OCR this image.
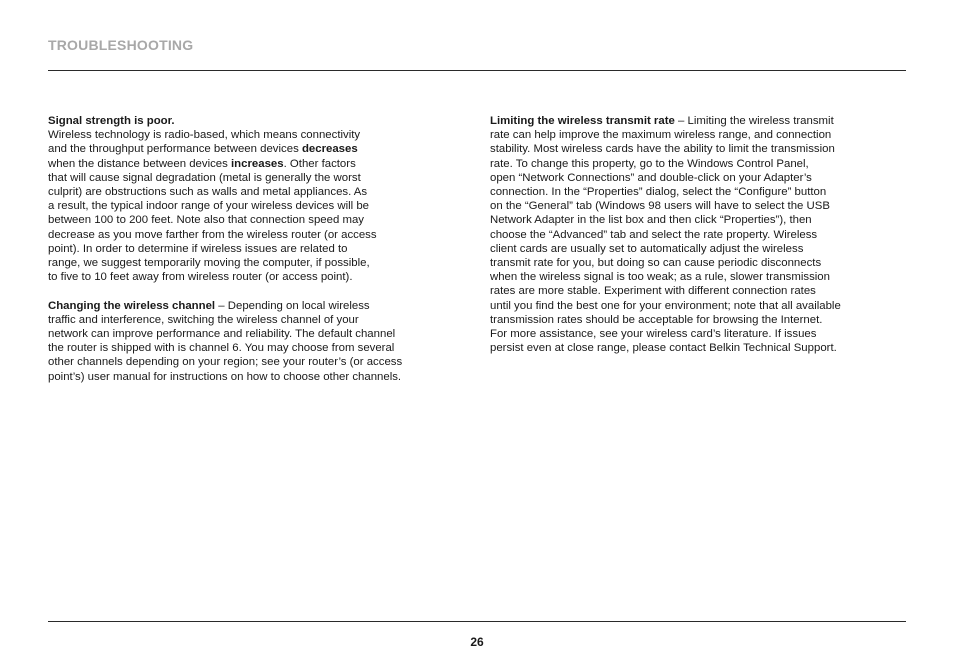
TROUBLESHOOTING

Signal strength is poor.

Wireless technology is radio-based, which means connectivity
and the throughput performance between devices decreases
when the distance between devices increases. Other factors
that will cause signal degradation (metal is generally the worst
culprit) are obstructions such as walls and metal appliances. As
a result, the typical indoor range of your wireless devices will be
between 100 to 200 feet. Note also that connection speed may
decrease as you move farther from the wireless router (or access
point). In order to determine if wireless issues are related to
range, we suggest temporarily moving the computer, if possible,
to five to 10 feet away from wireless router (or access point).

Changing the wireless channel – Depending on local wireless
traffic and interference, switching the wireless channel of your
network can improve performance and reliability. The default channel
the router is shipped with is channel 6. You may choose from several
other channels depending on your region; see your router’s (or access
point’s) user manual for instructions on how to choose other channels.

Limiting the wireless transmit rate – Limiting the wireless transmit
rate can help improve the maximum wireless range, and connection
stability. Most wireless cards have the ability to limit the transmission
rate. To change this property, go to the Windows Control Panel,
open “Network Connections” and double-click on your Adapter’s
connection. In the “Properties” dialog, select the “Configure” button
on the “General” tab (Windows 98 users will have to select the USB
Network Adapter in the list box and then click “Properties”), then
choose the “Advanced” tab and select the rate property. Wireless
client cards are usually set to automatically adjust the wireless
transmit rate for you, but doing so can cause periodic disconnects
when the wireless signal is too weak; as a rule, slower transmission
rates are more stable. Experiment with different connection rates
until you find the best one for your environment; note that all available
transmission rates should be acceptable for browsing the Internet.
For more assistance, see your wireless card’s literature. If issues
persist even at close range, please contact Belkin Technical Support.

26
